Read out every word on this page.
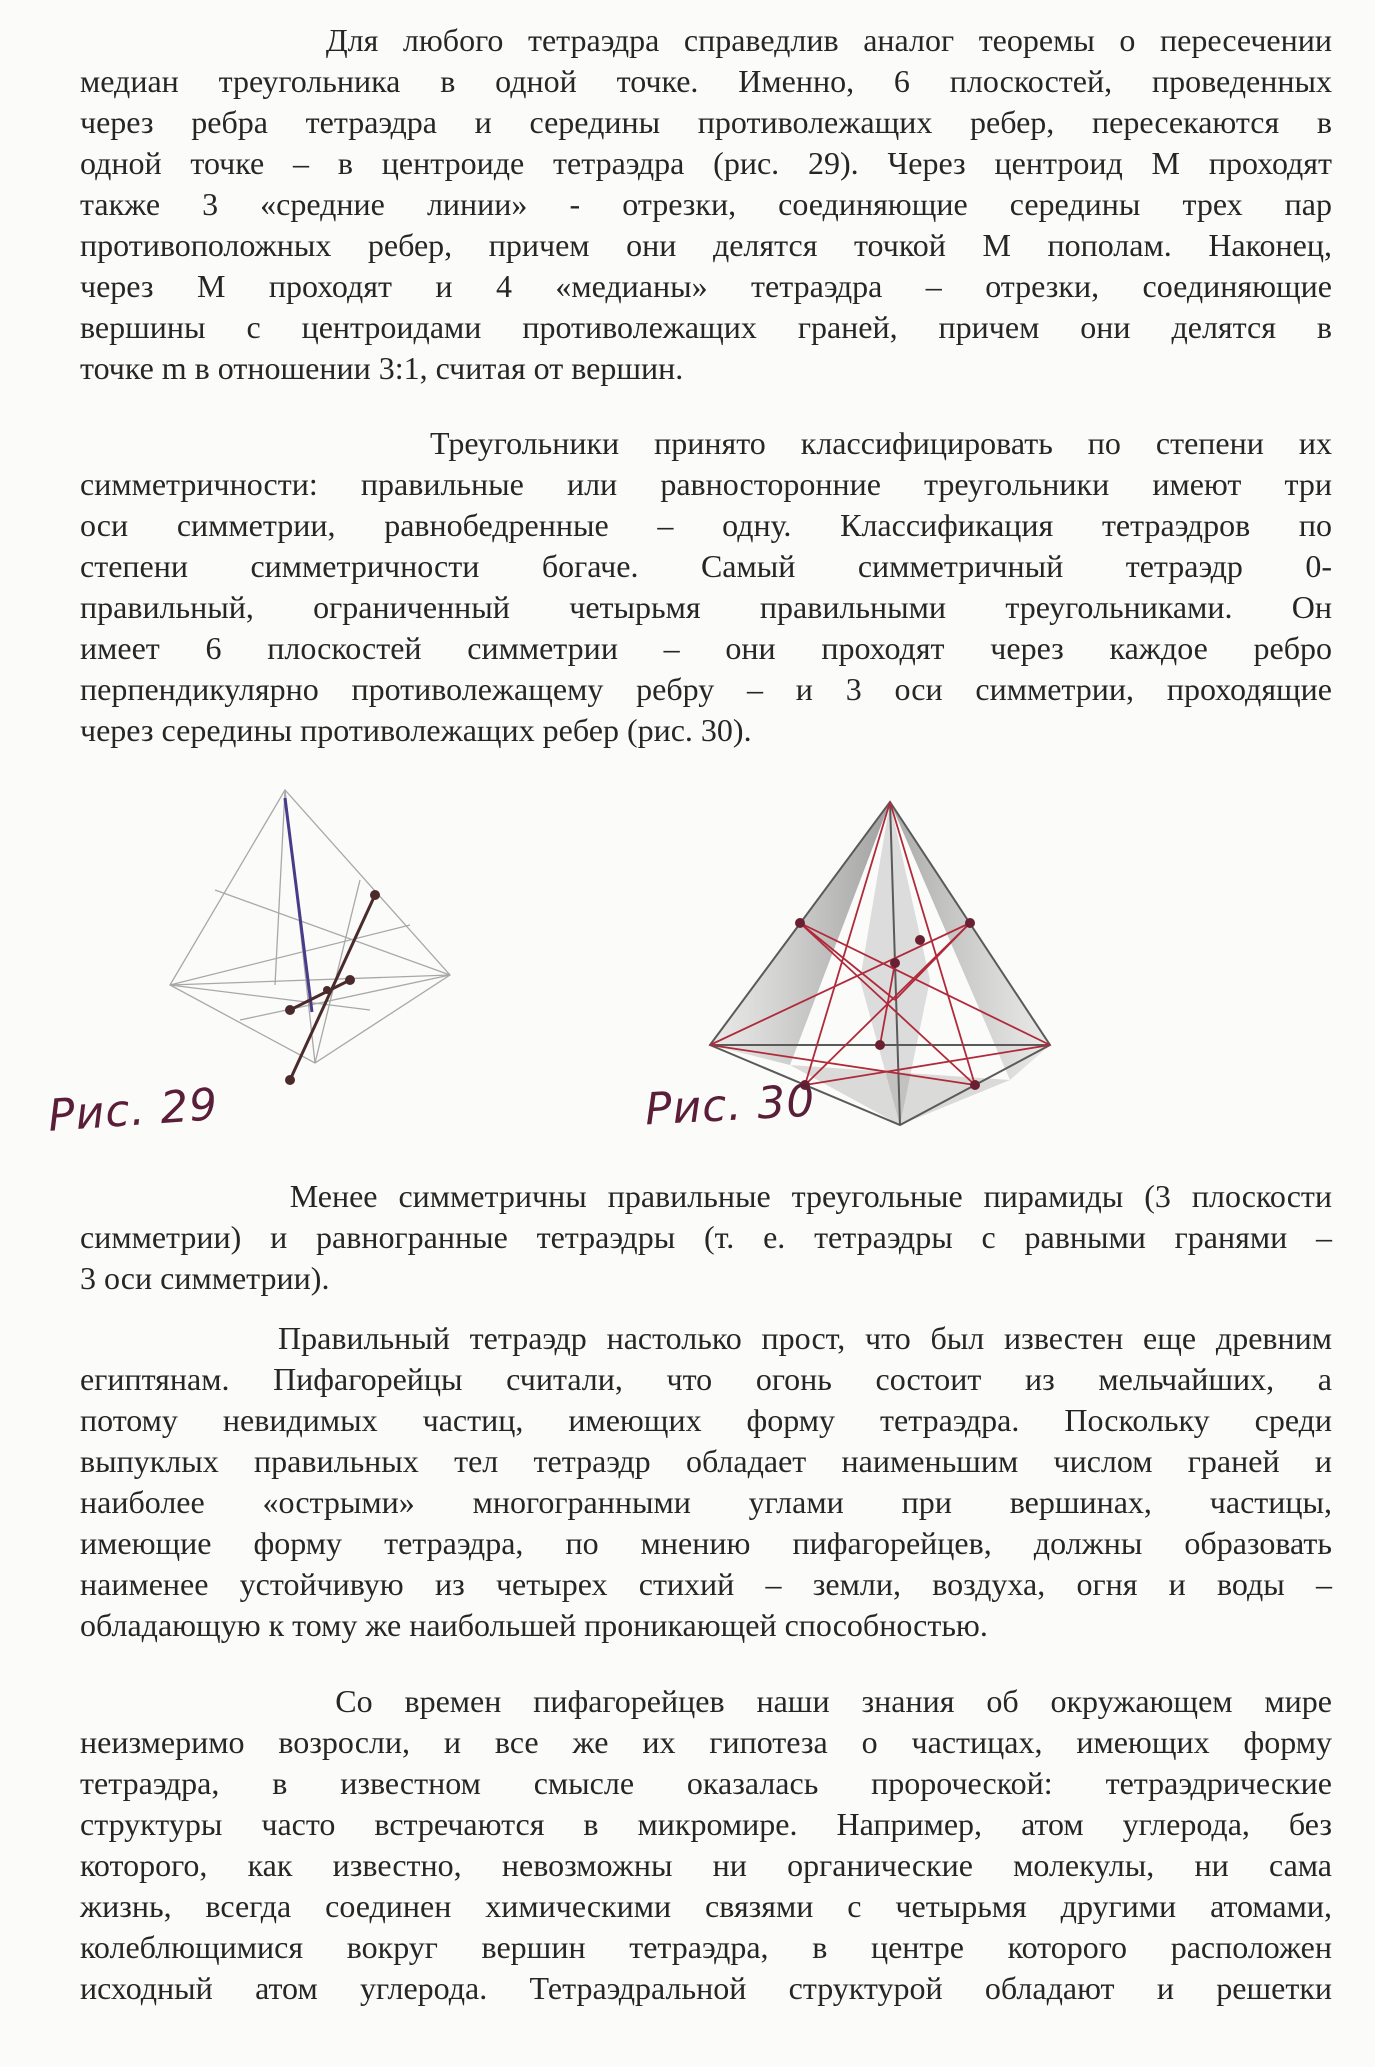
Для любого тетраэдра справедлив аналог теоремы о пересечении
медиан треугольника в одной точке. Именно, 6 плоскостей, проведенных
через ребра тетраэдра и середины противолежащих ребер, пересекаются в
одной точке – в центроиде тетраэдра (рис. 29). Через центроид М проходят
также 3 «средние линии» - отрезки, соединяющие середины трех пар
противоположных ребер, причем они делятся точкой М пополам. Наконец,
через М проходят и 4 «медианы» тетраэдра – отрезки, соединяющие
вершины с центроидами противолежащих граней, причем они делятся в
точке m в отношении 3:1, считая от вершин.
Треугольники принято классифицировать по степени их
симметричности: правильные или равносторонние треугольники имеют три
оси симметрии, равнобедренные – одну. Классификация тетраэдров по
степени симметричности богаче. Самый симметричный тетраэдр 0-
правильный, ограниченный четырьмя правильными треугольниками. Он
имеет 6 плоскостей симметрии – они проходят через каждое ребро
перпендикулярно противолежащему ребру – и 3 оси симметрии, проходящие
через середины противолежащих ребер (рис. 30).
Рис. 29	Рис. 30
Менее симметричны правильные треугольные пирамиды (3 плоскости
симметрии) и равногранные тетраэдры (т. е. тетраэдры с равными гранями –
3 оси симметрии).
Правильный тетраэдр настолько прост, что был известен еще древним
египтянам. Пифагорейцы считали, что огонь состоит из мельчайших, а
потому невидимых частиц, имеющих форму тетраэдра. Поскольку среди
выпуклых правильных тел тетраэдр обладает наименьшим числом граней и
наиболее «острыми» многогранными углами при вершинах, частицы,
имеющие форму тетраэдра, по мнению пифагорейцев, должны образовать
наименее устойчивую из четырех стихий – земли, воздуха, огня и воды –
обладающую к тому же наибольшей проникающей способностью.
Со времен пифагорейцев наши знания об окружающем мире
неизмеримо возросли, и все же их гипотеза о частицах, имеющих форму
тетраэдра, в известном смысле оказалась пророческой: тетраэдрические
структуры часто встречаются в микромире. Например, атом углерода, без
которого, как известно, невозможны ни органические молекулы, ни сама
жизнь, всегда соединен химическими связями с четырьмя другими атомами,
колеблющимися вокруг вершин тетраэдра, в центре которого расположен
исходный атом углерода. Тетраэдральной структурой обладают и решетки
